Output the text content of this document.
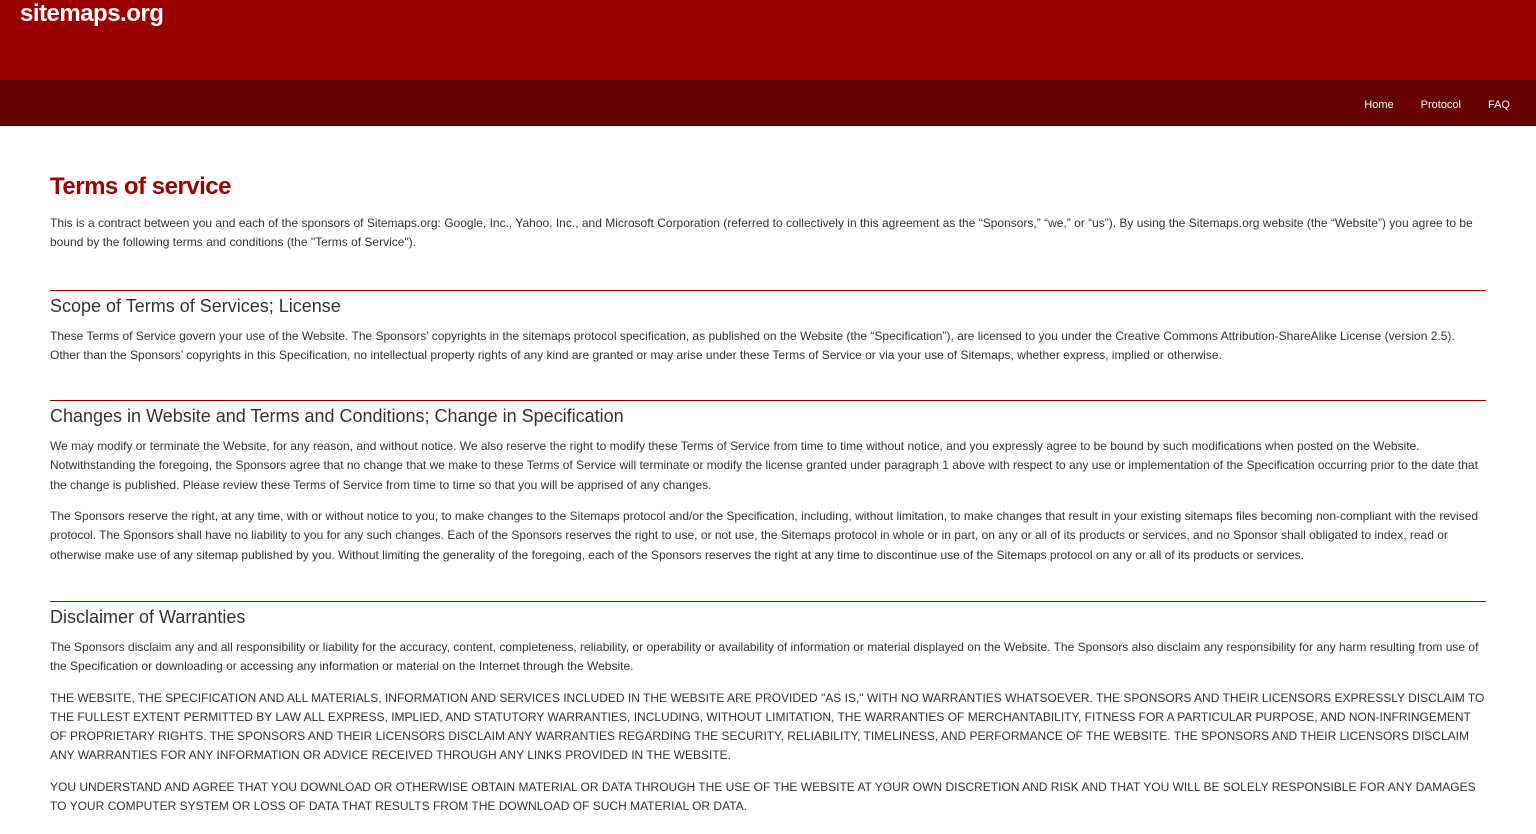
sitemaps.org
Home	Protocol	FAQ
Terms of service

This is a contract between you and each of the sponsors of Sitemaps.org: Google, Inc., Yahoo, Inc., and Microsoft Corporation (referred to collectively in this agreement as the “Sponsors,” “we,” or “us”). By using the Sitemaps.org website (the “Website”) you agree to be bound by the following terms and conditions (the "Terms of Service").

Scope of Terms of Services; License

These Terms of Service govern your use of the Website. The Sponsors’ copyrights in the sitemaps protocol specification, as published on the Website (the “Specification”), are licensed to you under the Creative Commons Attribution-ShareAlike License (version 2.5). Other than the Sponsors’ copyrights in this Specification, no intellectual property rights of any kind are granted or may arise under these Terms of Service or via your use of Sitemaps, whether express, implied or otherwise.

Changes in Website and Terms and Conditions; Change in Specification

We may modify or terminate the Website, for any reason, and without notice. We also reserve the right to modify these Terms of Service from time to time without notice, and you expressly agree to be bound by such modifications when posted on the Website. Notwithstanding the foregoing, the Sponsors agree that no change that we make to these Terms of Service will terminate or modify the license granted under paragraph 1 above with respect to any use or implementation of the Specification occurring prior to the date that the change is published. Please review these Terms of Service from time to time so that you will be apprised of any changes.

The Sponsors reserve the right, at any time, with or without notice to you, to make changes to the Sitemaps protocol and/or the Specification, including, without limitation, to make changes that result in your existing sitemaps files becoming non-compliant with the revised protocol. The Sponsors shall have no liability to you for any such changes. Each of the Sponsors reserves the right to use, or not use, the Sitemaps protocol in whole or in part, on any or all of its products or services, and no Sponsor shall obligated to index, read or otherwise make use of any sitemap published by you. Without limiting the generality of the foregoing, each of the Sponsors reserves the right at any time to discontinue use of the Sitemaps protocol on any or all of its products or services.

Disclaimer of Warranties

The Sponsors disclaim any and all responsibility or liability for the accuracy, content, completeness, reliability, or operability or availability of information or material displayed on the Website. The Sponsors also disclaim any responsibility for any harm resulting from use of the Specification or downloading or accessing any information or material on the Internet through the Website.

THE WEBSITE, THE SPECIFICATION AND ALL MATERIALS, INFORMATION AND SERVICES INCLUDED IN THE WEBSITE ARE PROVIDED "AS IS," WITH NO WARRANTIES WHATSOEVER. THE SPONSORS AND THEIR LICENSORS EXPRESSLY DISCLAIM TO THE FULLEST EXTENT PERMITTED BY LAW ALL EXPRESS, IMPLIED, AND STATUTORY WARRANTIES, INCLUDING, WITHOUT LIMITATION, THE WARRANTIES OF MERCHANTABILITY, FITNESS FOR A PARTICULAR PURPOSE, AND NON-INFRINGEMENT OF PROPRIETARY RIGHTS. THE SPONSORS AND THEIR LICENSORS DISCLAIM ANY WARRANTIES REGARDING THE SECURITY, RELIABILITY, TIMELINESS, AND PERFORMANCE OF THE WEBSITE. THE SPONSORS AND THEIR LICENSORS DISCLAIM ANY WARRANTIES FOR ANY INFORMATION OR ADVICE RECEIVED THROUGH ANY LINKS PROVIDED IN THE WEBSITE.

YOU UNDERSTAND AND AGREE THAT YOU DOWNLOAD OR OTHERWISE OBTAIN MATERIAL OR DATA THROUGH THE USE OF THE WEBSITE AT YOUR OWN DISCRETION AND RISK AND THAT YOU WILL BE SOLELY RESPONSIBLE FOR ANY DAMAGES TO YOUR COMPUTER SYSTEM OR LOSS OF DATA THAT RESULTS FROM THE DOWNLOAD OF SUCH MATERIAL OR DATA.
